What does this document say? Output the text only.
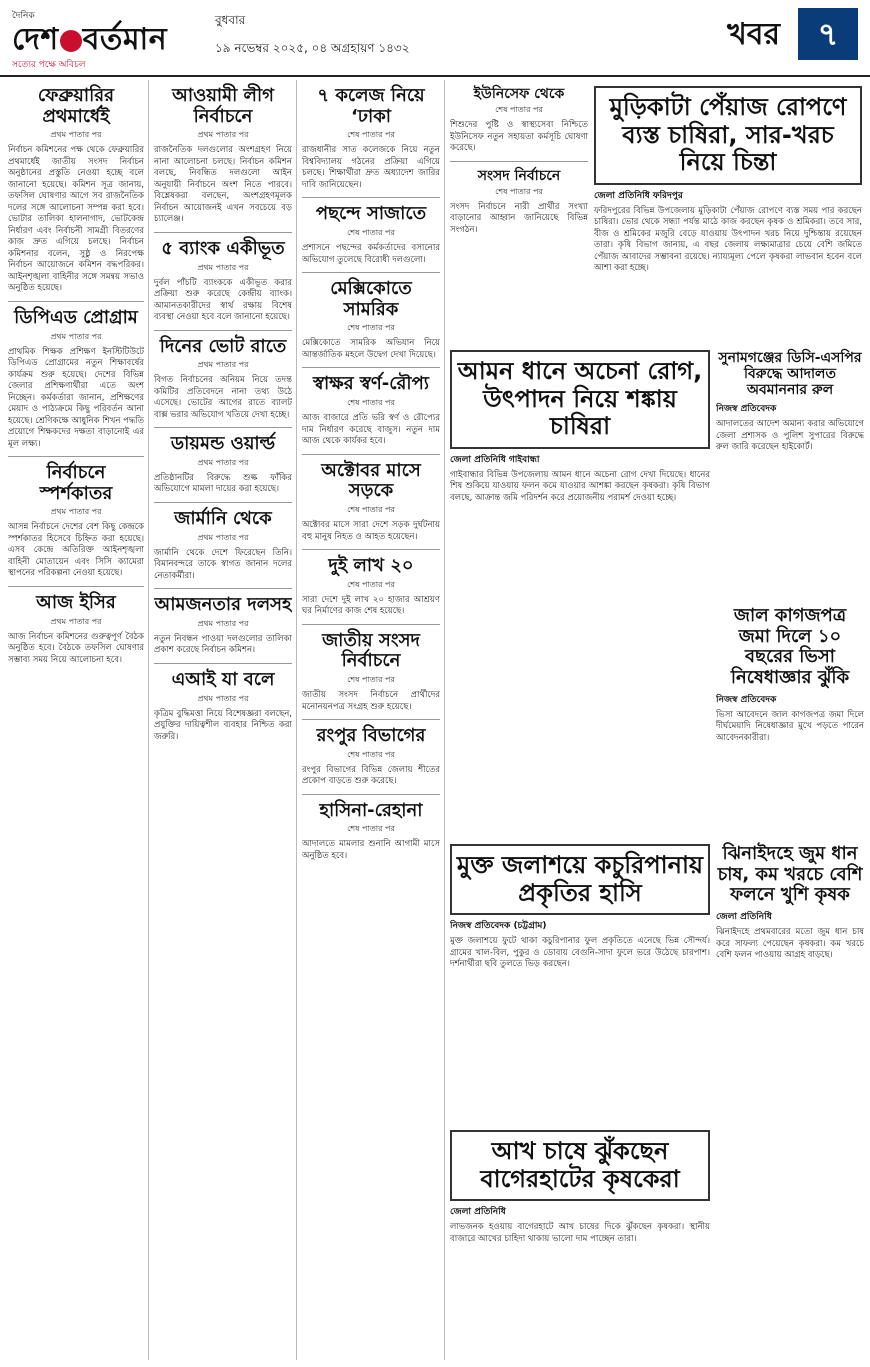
দৈনিক
দেশ বর্তমান
সত্যের পক্ষে অবিচল
বুধবার
১৯ নভেম্বর ২০২৫, ০৪ অগ্রহায়ণ ১৪৩২	খবর	৭
ফেব্রুয়ারির প্রথমার্ধেই
প্রথম পাতার পর

নির্বাচন কমিশনের পক্ষ থেকে ফেব্রুয়ারির প্রথমার্ধেই জাতীয় সংসদ নির্বাচন অনুষ্ঠানের প্রস্তুতি নেওয়া হচ্ছে বলে জানানো হয়েছে। কমিশন সূত্র জানায়, তফসিল ঘোষণার আগে সব রাজনৈতিক দলের সঙ্গে আলোচনা সম্পন্ন করা হবে। ভোটার তালিকা হালনাগাদ, ভোটকেন্দ্র নির্ধারণ এবং নির্বাচনী সামগ্রী বিতরণের কাজ দ্রুত এগিয়ে চলছে। নির্বাচন কমিশনার বলেন, সুষ্ঠু ও নিরপেক্ষ নির্বাচন আয়োজনে কমিশন বদ্ধপরিকর। আইনশৃঙ্খলা বাহিনীর সঙ্গে সমন্বয় সভাও অনুষ্ঠিত হয়েছে।

ডিপিএড প্রোগ্রাম
প্রথম পাতার পর

প্রাথমিক শিক্ষক প্রশিক্ষণ ইনস্টিটিউটে ডিপিএড প্রোগ্রামের নতুন শিক্ষাবর্ষের কার্যক্রম শুরু হয়েছে। দেশের বিভিন্ন জেলার প্রশিক্ষণার্থীরা এতে অংশ নিচ্ছেন। কর্মকর্তারা জানান, প্রশিক্ষণের মেয়াদ ও পাঠ্যক্রমে কিছু পরিবর্তন আনা হয়েছে। শ্রেণিকক্ষে আধুনিক শিখন পদ্ধতি প্রয়োগে শিক্ষকদের দক্ষতা বাড়ানোই এর মূল লক্ষ্য।

নির্বাচনে স্পর্শকাতর
প্রথম পাতার পর

আসন্ন নির্বাচনে দেশের বেশ কিছু কেন্দ্রকে স্পর্শকাতর হিসেবে চিহ্নিত করা হয়েছে। এসব কেন্দ্রে অতিরিক্ত আইনশৃঙ্খলা বাহিনী মোতায়েন এবং সিসি ক্যামেরা স্থাপনের পরিকল্পনা নেওয়া হয়েছে।

আজ ইসির
প্রথম পাতার পর

আজ নির্বাচন কমিশনের গুরুত্বপূর্ণ বৈঠক অনুষ্ঠিত হবে। বৈঠকে তফসিল ঘোষণার সম্ভাব্য সময় নিয়ে আলোচনা হবে।

আওয়ামী লীগ নির্বাচনে
প্রথম পাতার পর

রাজনৈতিক দলগুলোর অংশগ্রহণ নিয়ে নানা আলোচনা চলছে। নির্বাচন কমিশন বলছে, নিবন্ধিত দলগুলো আইন অনুযায়ী নির্বাচনে অংশ নিতে পারবে। বিশ্লেষকরা বলছেন, অংশগ্রহণমূলক নির্বাচন আয়োজনই এখন সবচেয়ে বড় চ্যালেঞ্জ।

৫ ব্যাংক একীভূত
প্রথম পাতার পর

দুর্বল পাঁচটি ব্যাংককে একীভূত করার প্রক্রিয়া শুরু করেছে কেন্দ্রীয় ব্যাংক। আমানতকারীদের স্বার্থ রক্ষায় বিশেষ ব্যবস্থা নেওয়া হবে বলে জানানো হয়েছে।

দিনের ভোট রাতে
প্রথম পাতার পর

বিগত নির্বাচনের অনিয়ম নিয়ে তদন্ত কমিটির প্রতিবেদনে নানা তথ্য উঠে এসেছে। ভোটের আগের রাতে ব্যালট বাক্স ভরার অভিযোগ খতিয়ে দেখা হচ্ছে।

ডায়মন্ড ওয়ার্ল্ড
প্রথম পাতার পর

প্রতিষ্ঠানটির বিরুদ্ধে শুল্ক ফাঁকির অভিযোগে মামলা দায়ের করা হয়েছে।

জার্মানি থেকে
প্রথম পাতার পর

জার্মানি থেকে দেশে ফিরেছেন তিনি। বিমানবন্দরে তাকে স্বাগত জানান দলের নেতাকর্মীরা।

আমজনতার দলসহ
প্রথম পাতার পর

নতুন নিবন্ধন পাওয়া দলগুলোর তালিকা প্রকাশ করেছে নির্বাচন কমিশন।

এআই যা বলে
প্রথম পাতার পর

কৃত্রিম বুদ্ধিমত্তা নিয়ে বিশেষজ্ঞরা বলছেন, প্রযুক্তির দায়িত্বশীল ব্যবহার নিশ্চিত করা জরুরি।

৭ কলেজ নিয়ে ‘ঢাকা
শেষ পাতার পর

রাজধানীর সাত কলেজকে নিয়ে নতুন বিশ্ববিদ্যালয় গঠনের প্রক্রিয়া এগিয়ে চলছে। শিক্ষার্থীরা দ্রুত অধ্যাদেশ জারির দাবি জানিয়েছেন।

পছন্দে সাজাতে
শেষ পাতার পর

প্রশাসনে পছন্দের কর্মকর্তাদের বসানোর অভিযোগ তুলেছে বিরোধী দলগুলো।

মেক্সিকোতে সামরিক
শেষ পাতার পর

মেক্সিকোতে সামরিক অভিযান নিয়ে আন্তর্জাতিক মহলে উদ্বেগ দেখা দিয়েছে।

স্বাক্ষর স্বর্ণ-রৌপ্য
শেষ পাতার পর

আজ বাজারে প্রতি ভরি স্বর্ণ ও রৌপ্যের দাম নির্ধারণ করেছে বাজুস। নতুন দাম আজ থেকে কার্যকর হবে।

অক্টোবর মাসে সড়কে
শেষ পাতার পর

অক্টোবর মাসে সারা দেশে সড়ক দুর্ঘটনায় বহু মানুষ নিহত ও আহত হয়েছেন।

দুই লাখ ২০
শেষ পাতার পর

সারা দেশে দুই লাখ ২০ হাজার আশ্রয়ণ ঘর নির্মাণের কাজ শেষ হয়েছে।

জাতীয় সংসদ নির্বাচনে
শেষ পাতার পর

জাতীয় সংসদ নির্বাচনে প্রার্থীদের মনোনয়নপত্র সংগ্রহ শুরু হয়েছে।

রংপুর বিভাগের
শেষ পাতার পর

রংপুর বিভাগের বিভিন্ন জেলায় শীতের প্রকোপ বাড়তে শুরু করেছে।

হাসিনা-রেহানা
শেষ পাতার পর

আদালতে মামলার শুনানি আগামী মাসে অনুষ্ঠিত হবে।

ইউনিসেফ থেকে
শেষ পাতার পর

শিশুদের পুষ্টি ও স্বাস্থ্যসেবা নিশ্চিতে ইউনিসেফ নতুন সহায়তা কর্মসূচি ঘোষণা করেছে।

সংসদ নির্বাচনে
শেষ পাতার পর

সংসদ নির্বাচনে নারী প্রার্থীর সংখ্যা বাড়ানোর আহ্বান জানিয়েছে বিভিন্ন সংগঠন।

মুড়িকাটা পেঁয়াজ রোপণে ব্যস্ত চাষিরা, সার-খরচ নিয়ে চিন্তা
জেলা প্রতিনিধি ফরিদপুর

ফরিদপুরের বিভিন্ন উপজেলায় মুড়িকাটা পেঁয়াজ রোপণে ব্যস্ত সময় পার করছেন চাষিরা। ভোর থেকে সন্ধ্যা পর্যন্ত মাঠে কাজ করছেন কৃষক ও শ্রমিকরা। তবে সার, বীজ ও শ্রমিকের মজুরি বেড়ে যাওয়ায় উৎপাদন খরচ নিয়ে দুশ্চিন্তায় রয়েছেন তারা। কৃষি বিভাগ জানায়, এ বছর জেলায় লক্ষ্যমাত্রার চেয়ে বেশি জমিতে পেঁয়াজ আবাদের সম্ভাবনা রয়েছে। ন্যায্যমূল্য পেলে কৃষকরা লাভবান হবেন বলে আশা করা হচ্ছে।

আমন ধানে অচেনা রোগ, উৎপাদন নিয়ে শঙ্কায় চাষিরা
জেলা প্রতিনিধি গাইবান্ধা

গাইবান্ধার বিভিন্ন উপজেলায় আমন ধানে অচেনা রোগ দেখা দিয়েছে। ধানের শিষ শুকিয়ে যাওয়ায় ফলন কমে যাওয়ার আশঙ্কা করছেন কৃষকরা। কৃষি বিভাগ বলছে, আক্রান্ত জমি পরিদর্শন করে প্রয়োজনীয় পরামর্শ দেওয়া হচ্ছে।

সুনামগঞ্জের ডিসি-এসপির বিরুদ্ধে আদালত অবমাননার রুল
নিজস্ব প্রতিবেদক

আদালতের আদেশ অমান্য করার অভিযোগে জেলা প্রশাসক ও পুলিশ সুপারের বিরুদ্ধে রুল জারি করেছেন হাইকোর্ট।

জাল কাগজপত্র জমা দিলে ১০ বছরের ভিসা নিষেধাজ্ঞার ঝুঁকি
নিজস্ব প্রতিবেদক

ভিসা আবেদনে জাল কাগজপত্র জমা দিলে দীর্ঘমেয়াদি নিষেধাজ্ঞার মুখে পড়তে পারেন আবেদনকারীরা।

মুক্ত জলাশয়ে কচুরিপানায় প্রকৃতির হাসি
নিজস্ব প্রতিবেদক (চট্টগ্রাম)

মুক্ত জলাশয়ে ফুটে থাকা কচুরিপানার ফুল প্রকৃতিতে এনেছে ভিন্ন সৌন্দর্য। গ্রামের খাল-বিল, পুকুর ও ডোবায় বেগুনি-সাদা ফুলে ভরে উঠেছে চারপাশ। দর্শনার্থীরা ছবি তুলতে ভিড় করছেন।

ঝিনাইদহে জুম ধান চাষ, কম খরচে বেশি ফলনে খুশি কৃষক
জেলা প্রতিনিধি

ঝিনাইদহে প্রথমবারের মতো জুম ধান চাষ করে সাফল্য পেয়েছেন কৃষকরা। কম খরচে বেশি ফলন পাওয়ায় আগ্রহ বাড়ছে।

আখ চাষে ঝুঁকছেন বাগেরহাটের কৃষকেরা
জেলা প্রতিনিধি

লাভজনক হওয়ায় বাগেরহাটে আখ চাষের দিকে ঝুঁকছেন কৃষকরা। স্থানীয় বাজারে আখের চাহিদা থাকায় ভালো দাম পাচ্ছেন তারা।
